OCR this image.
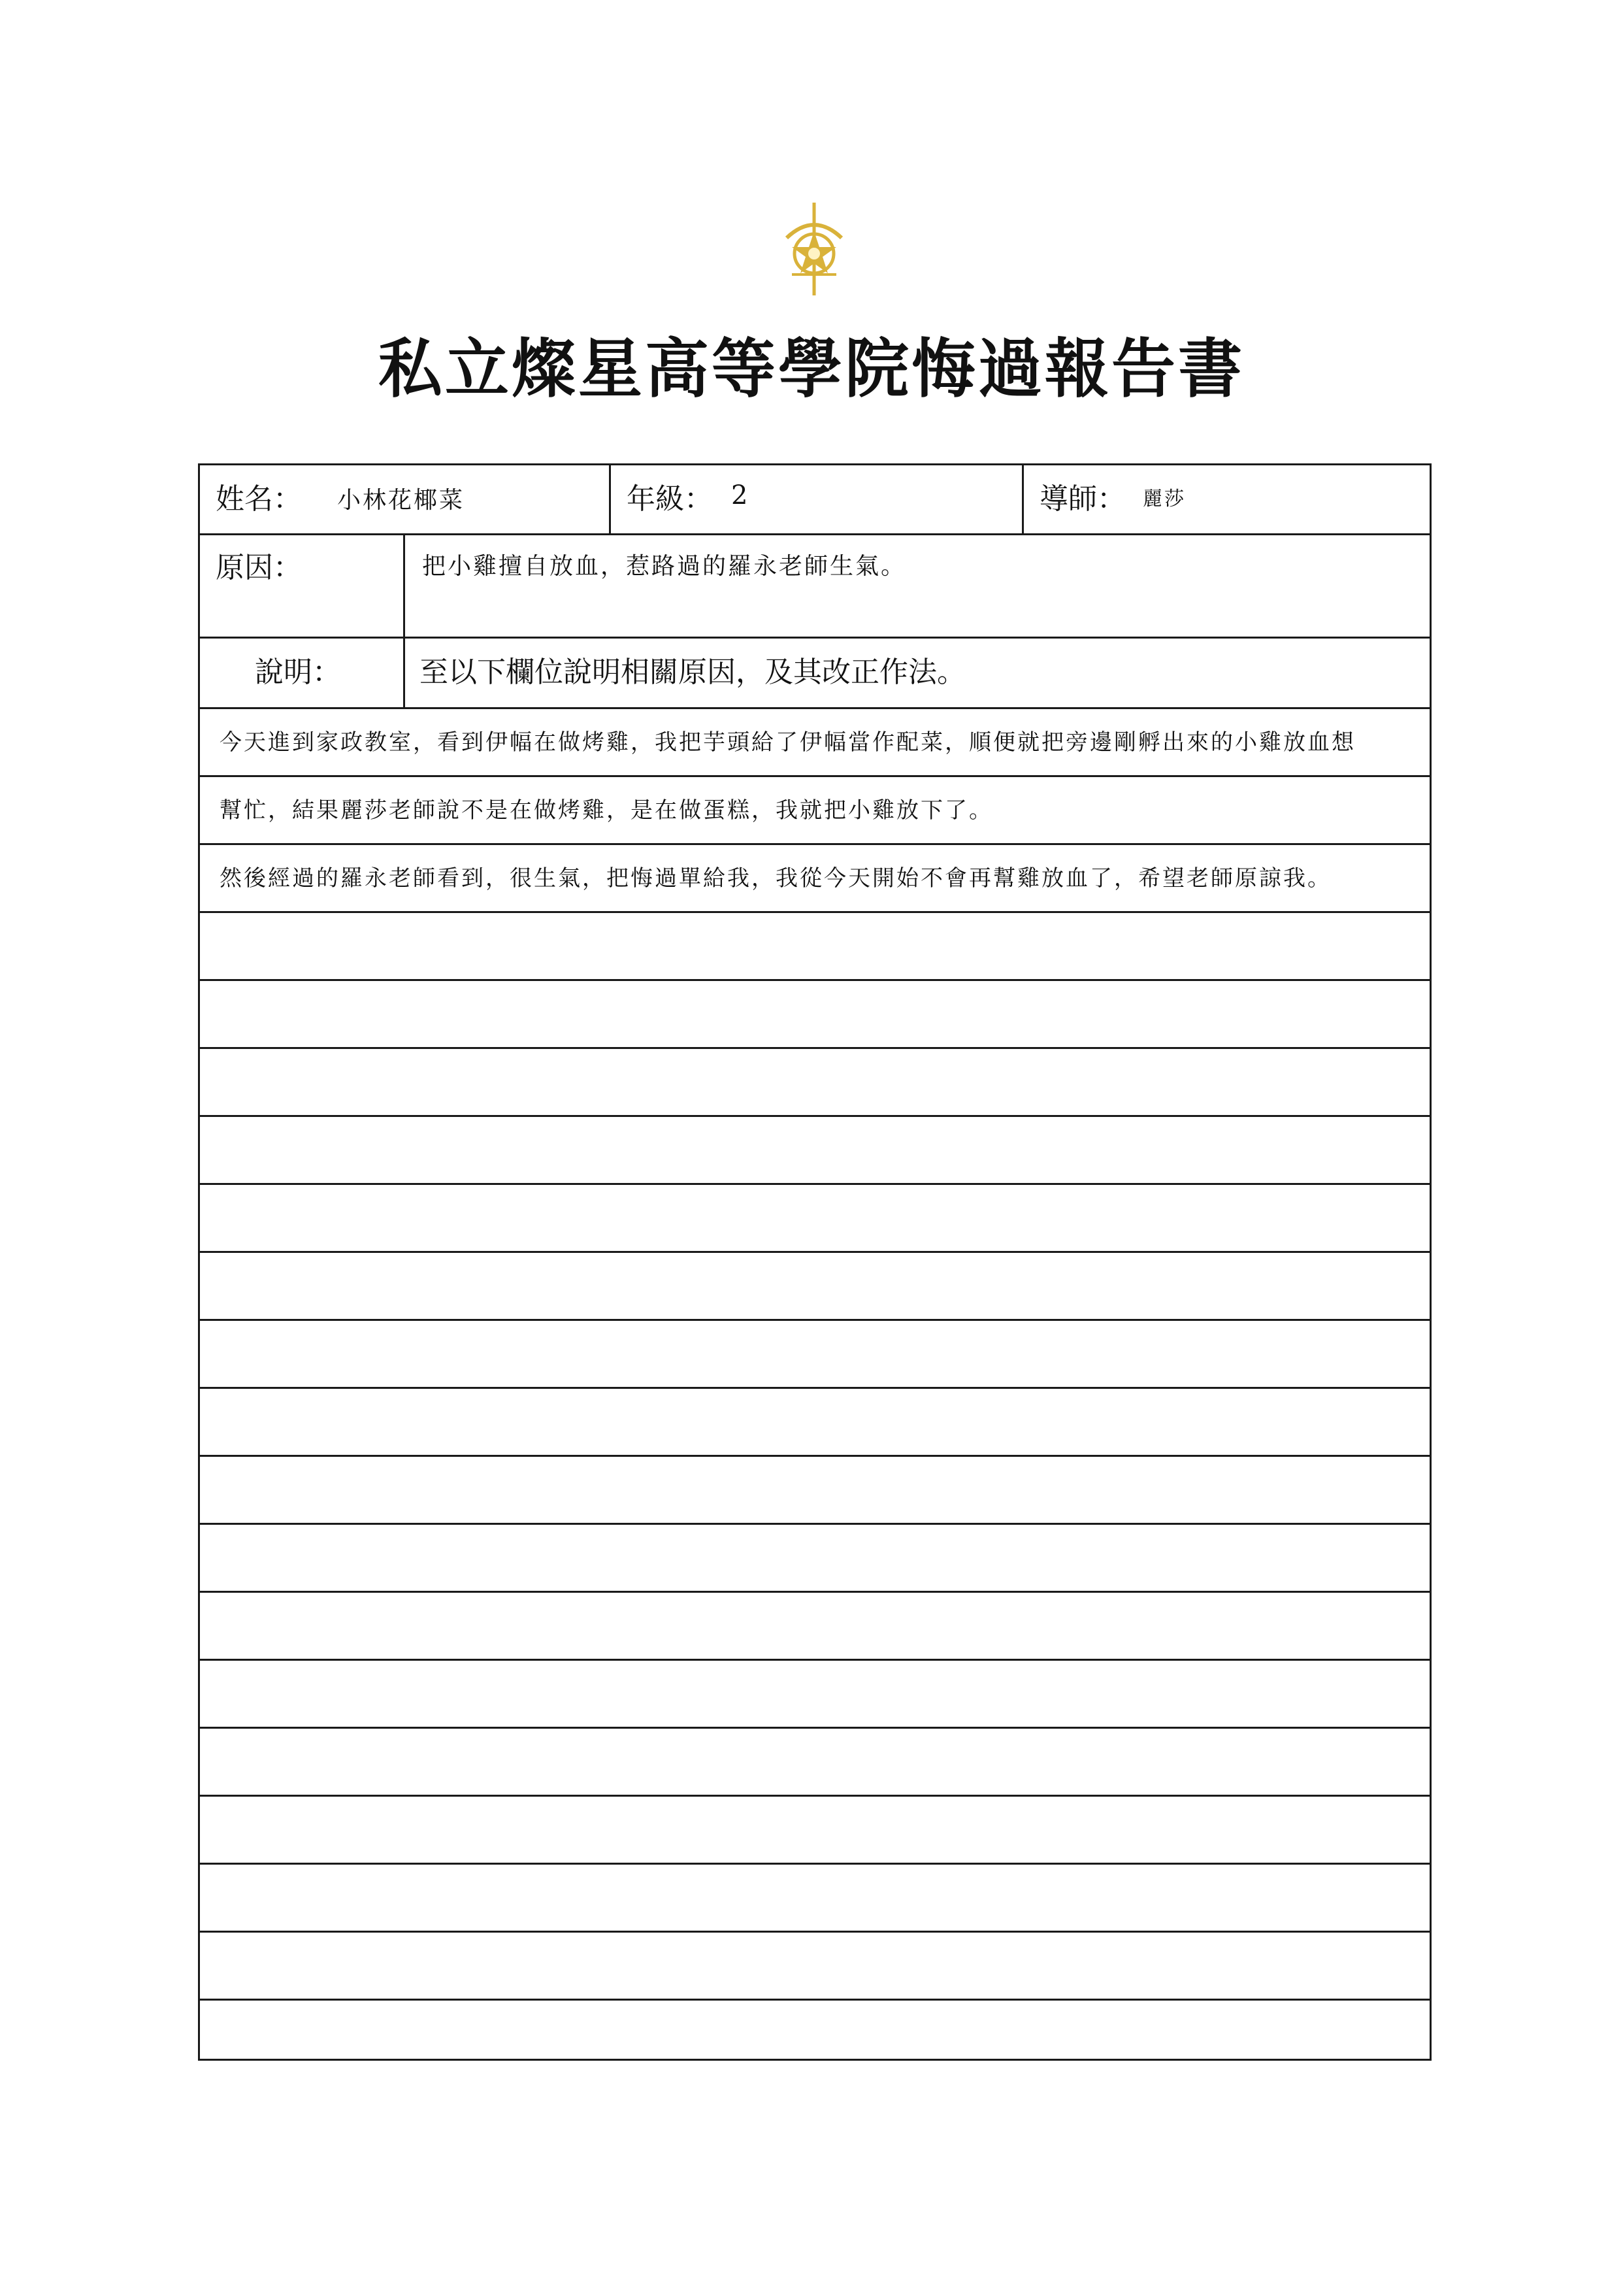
私立燦星高等學院悔過報告書
姓名： 小林花椰菜	年級： 2	導師： 麗莎
原因：	把小雞擅自放血，惹路過的羅永老師生氣。
說明：	至以下欄位說明相關原因，及其改正作法。
今天進到家政教室，看到伊幅在做烤雞，我把芋頭給了伊幅當作配菜，順便就把旁邊剛孵出來的小雞放血想
幫忙，結果麗莎老師說不是在做烤雞，是在做蛋糕，我就把小雞放下了。
然後經過的羅永老師看到，很生氣，把悔過單給我，我從今天開始不會再幫雞放血了，希望老師原諒我。
